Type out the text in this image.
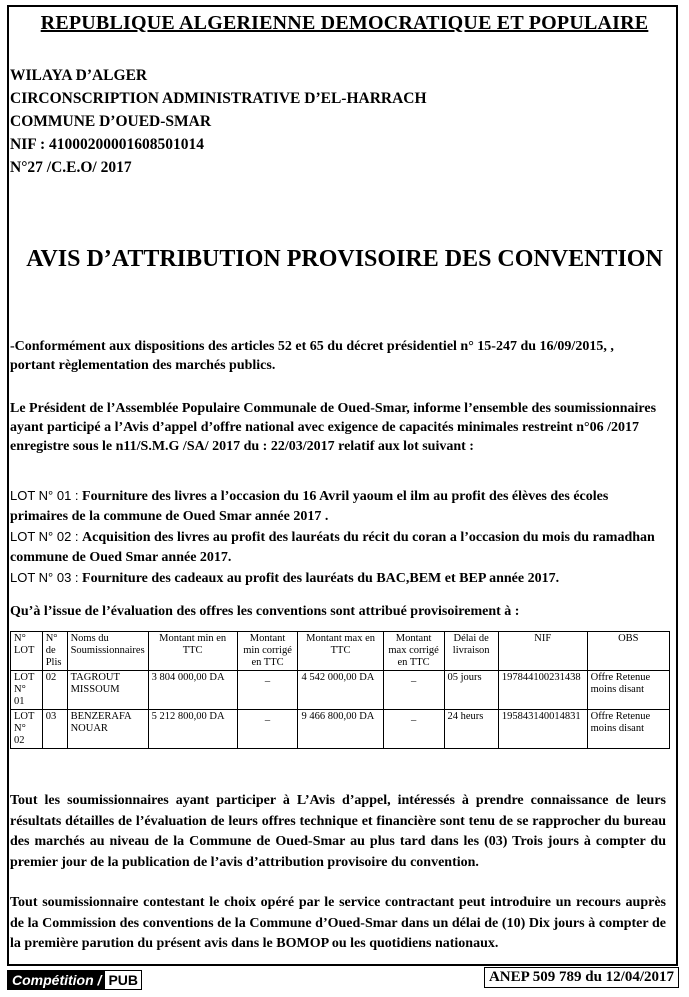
REPUBLIQUE ALGERIENNE DEMOCRATIQUE ET POPULAIRE
WILAYA D’ALGER
CIRCONSCRIPTION ADMINISTRATIVE D’EL-HARRACH
COMMUNE D’OUED-SMAR
NIF : 41000200001608501014
N°27 /C.E.O/ 2017
AVIS D’ATTRIBUTION PROVISOIRE DES CONVENTION
-Conformément aux dispositions des articles 52 et 65 du décret présidentiel n° 15-247 du 16/09/2015, , portant règlementation des marchés publics.
Le Président de l’Assemblée Populaire Communale de Oued-Smar, informe l’ensemble des soumissionnaires ayant participé a l’Avis d’appel d’offre national avec exigence de capacités minimales restreint n°06 /2017 enregistre sous le n11/S.M.G /SA/ 2017 du : 22/03/2017 relatif aux lot suivant :
LOT N° 01 : Fourniture des livres a l’occasion du 16 Avril yaoum el ilm au profit des élèves des écoles primaires de la commune de Oued Smar année 2017 .
LOT N° 02 : Acquisition des livres au profit des lauréats du récit du coran a l’occasion du mois du ramadhan commune de Oued Smar année 2017.
LOT N° 03 : Fourniture des cadeaux au profit des lauréats du BAC,BEM et BEP année 2017.
Qu’à l’issue de l’évaluation des offres les conventions sont attribué provisoirement à :
N° LOT	N° de Plis	Noms du Soumissionnaires	Montant min en TTC	Montant min corrigé en TTC	Montant max en TTC	Montant max corrigé en TTC	Délai de livraison	NIF	OBS
LOT N° 01	02	TAGROUT MISSOUM	3 804 000,00 DA	_	4 542 000,00 DA	_	05 jours	197844100231438	Offre Retenue moins disant
LOT N° 02	03	BENZERAFA NOUAR	5 212 800,00 DA	_	9 466 800,00 DA	_	24 heurs	195843140014831	Offre Retenue moins disant
Tout les soumissionnaires ayant participer à L’Avis d’appel, intéressés à prendre connaissance de leurs résultats détailles de l’évaluation de leurs offres technique et financière sont tenu de se rapprocher du bureau des marchés au niveau de la Commune de Oued-Smar au plus tard dans les (03) Trois jours à compter du premier jour de la publication de l’avis d’attribution provisoire du convention.
Tout soumissionnaire contestant le choix opéré par le service contractant peut introduire un recours auprès de la Commission des conventions de la Commune d’Oued-Smar dans un délai de (10) Dix jours à compter de la première parution du présent avis dans le BOMOP ou les quotidiens nationaux.
Compétition / PUB	ANEP 509 789 du 12/04/2017
